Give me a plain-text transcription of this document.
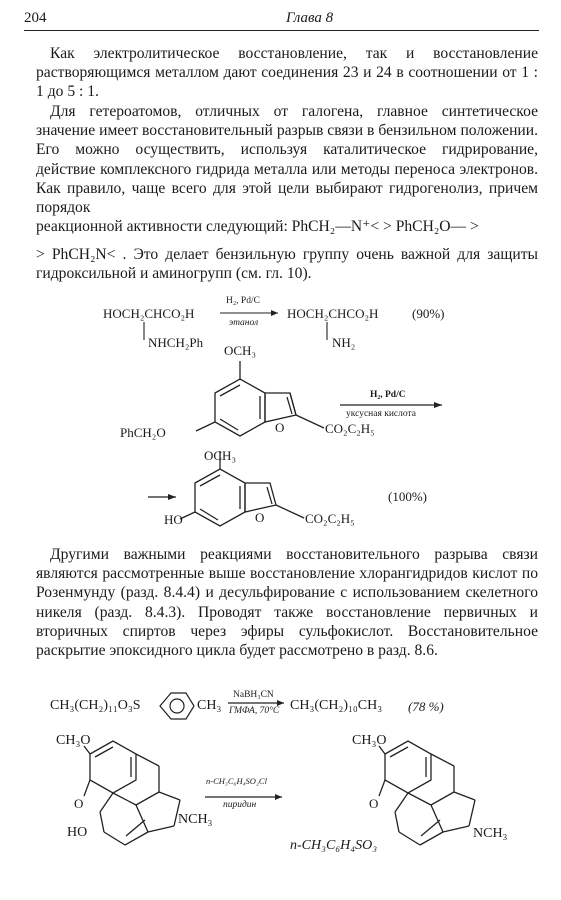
204	Глава 8
Как электролитическое восстановление, так и восстановление растворяющимся металлом дают соединения 23 и 24 в соотношении от 1 : 1 до 5 : 1.
Для гетероатомов, отличных от галогена, главное синтетическое значение имеет восстановительный разрыв связи в бензильном положении. Его можно осуществить, используя каталитическое гидрирование, действие комплексного гидрида металла или методы переноса электронов. Как правило, чаще всего для этой цели выбирают гидрогенолиз, причем порядок
реакционной активности следующий: PhCH₂—N⁺< > PhCH₂O— >
> PhCH₂N< . Это делает бензильную группу очень важной для защиты гидроксильной и аминогрупп (см. гл. 10).
HOCH₂CHCO₂H
NHCH₂Ph
H₂, Pd/C
этанол
HOCH₂CHCO₂H
NH₂
(90%)
OCH₃
PhCH₂O	O	CO₂C₂H₅
H₂, Pd/C
уксусная кислота
OCH₃
HO	O	CO₂C₂H₅
(100%)
Другими важными реакциями восстановительного разрыва связи являются рассмотренные выше восстановление хлорангидридов кислот по Розенмунду (разд. 8.4.4) и десульфирование с использованием скелетного никеля (разд. 8.4.3). Проводят также восстановление первичных и вторичных спиртов через эфиры сульфокислот. Восстановительное раскрытие эпоксидного цикла будет рассмотрено в разд. 8.6.
CH₃(CH₂)₁₁O₃S	CH₃
NaBH₃CN
ГМФА, 70°C CH₃(CH₂)₁₀CH₃ (78 %)
CH₃O
O
HO
NCH₃
n-CH₃C₆H₄SO₂Cl
пиридин
CH₃O
O
NCH₃
n-CH₃C₆H₄SO₃
